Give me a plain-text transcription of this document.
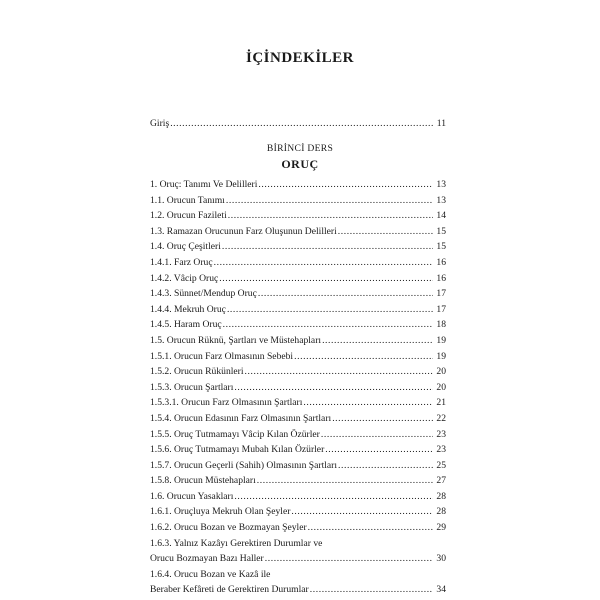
İÇİNDEKİLER
Giriş .....	11
BİRİNCİ DERS
ORUÇ
1. Oruç: Tanımı Ve Delilleri .....	13
1.1. Orucun Tanımı .....	13
1.2. Orucun Fazileti .....	14
1.3. Ramazan Orucunun Farz Oluşunun Delilleri .....	15
1.4. Oruç Çeşitleri .....	15
1.4.1. Farz Oruç .....	16
1.4.2. Vâcip Oruç .....	16
1.4.3. Sünnet/Mendup Oruç .....	17
1.4.4. Mekruh Oruç .....	17
1.4.5. Haram Oruç .....	18
1.5. Orucun Rüknü, Şartları ve Müstehapları .....	19
1.5.1. Orucun Farz Olmasının Sebebi .....	19
1.5.2. Orucun Rükünleri .....	20
1.5.3. Orucun Şartları .....	20
1.5.3.1. Orucun Farz Olmasının Şartları .....	21
1.5.4. Orucun Edasının Farz Olmasının Şartları .....	22
1.5.5. Oruç Tutmamayı Vâcip Kılan Özürler .....	23
1.5.6. Oruç Tutmamayı Mubah Kılan Özürler .....	23
1.5.7. Orucun Geçerli (Sahih) Olmasının Şartları .....	25
1.5.8. Orucun Müstehapları .....	27
1.6. Orucun Yasakları .....	28
1.6.1. Oruçluya Mekruh Olan Şeyler .....	28
1.6.2. Orucu Bozan ve Bozmayan Şeyler .....	29
1.6.3. Yalnız Kazâyı Gerektiren Durumlar ve
Orucu Bozmayan Bazı Haller .....	30
1.6.4. Orucu Bozan ve Kazâ ile
Beraber Kefâreti de Gerektiren Durumlar .....	34
